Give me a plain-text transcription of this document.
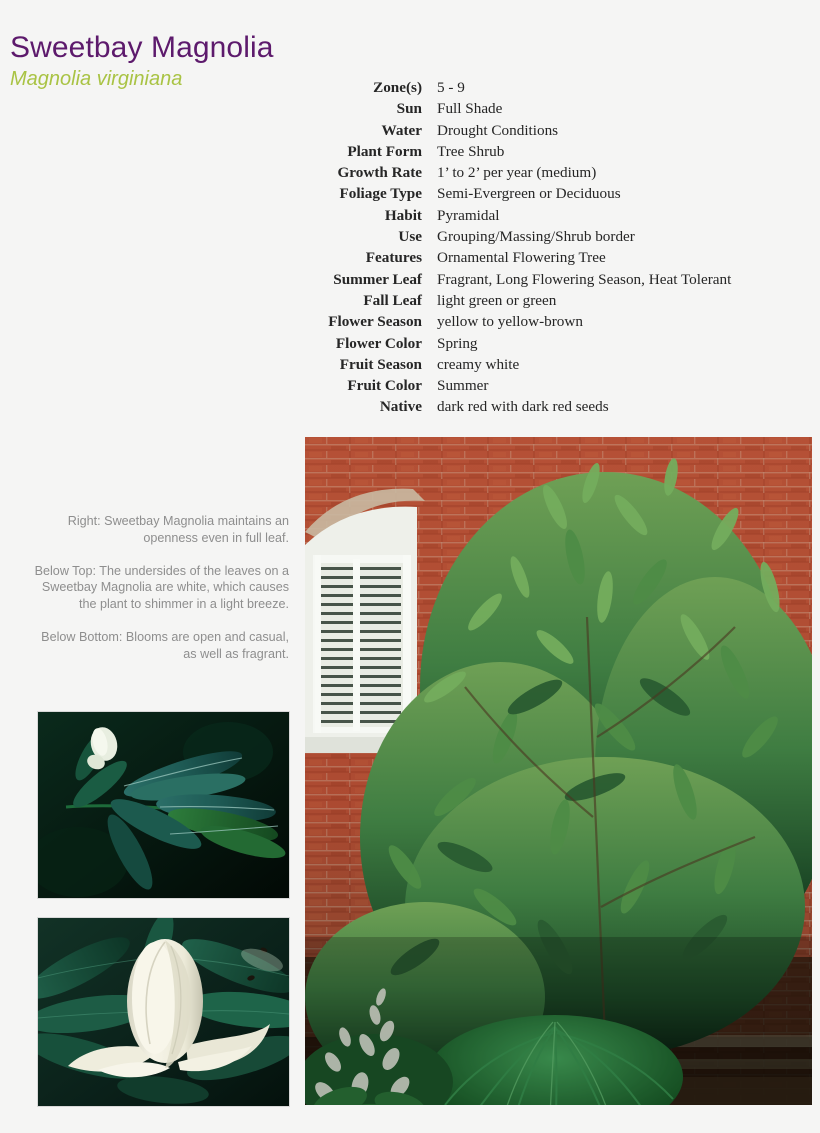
Sweetbay Magnolia
Magnolia virginiana	Zone(s)	5 - 9
Sun	Full Shade
Water	Drought Conditions
Plant Form	Tree Shrub
Growth Rate	1’ to 2’ per year (medium)
Foliage Type	Semi-Evergreen or Deciduous
Habit	Pyramidal
Use	Grouping/Massing/Shrub border
Features	Ornamental Flowering Tree
Summer Leaf	Fragrant, Long Flowering Season, Heat Tolerant
Fall Leaf	light green or green
Flower Season	yellow to yellow-brown
Flower Color	Spring
Fruit Season	creamy white
Fruit Color	Summer
Native	dark red with dark red seeds

Right: Sweetbay Magnolia maintains an openness even in full leaf.

Below Top: The undersides of the leaves on a Sweetbay Magnolia are white, which causes the plant to shimmer in a light breeze.

Below Bottom: Blooms are open and casual, as well as fragrant.
